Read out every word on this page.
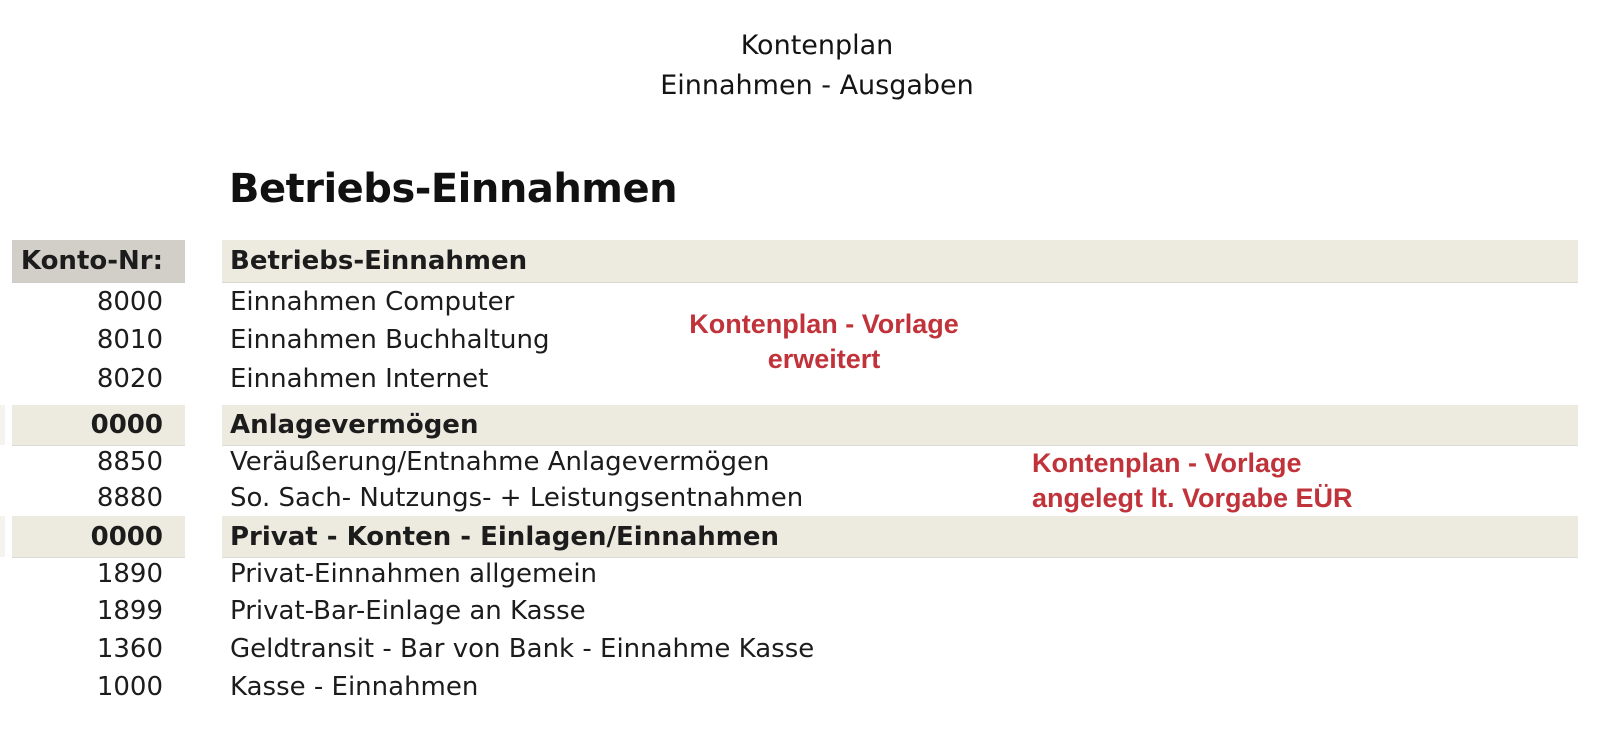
Kontenplan
Einnahmen - Ausgaben
Betriebs-Einnahmen
Konto-Nr:	Betriebs-Einnahmen
8000	Einnahmen Computer
8010	Einnahmen Buchhaltung
8020	Einnahmen Internet
0000	Anlagevermögen
8850	Veräußerung/Entnahme Anlagevermögen
8880	So. Sach- Nutzungs- + Leistungsentnahmen
0000	Privat - Konten - Einlagen/Einnahmen
1890	Privat-Einnahmen allgemein
1899	Privat-Bar-Einlage an Kasse
1360	Geldtransit - Bar von Bank - Einnahme Kasse
1000	Kasse - Einnahmen
Kontenplan - Vorlage
erweitert
Kontenplan - Vorlage
angelegt lt. Vorgabe EÜR
